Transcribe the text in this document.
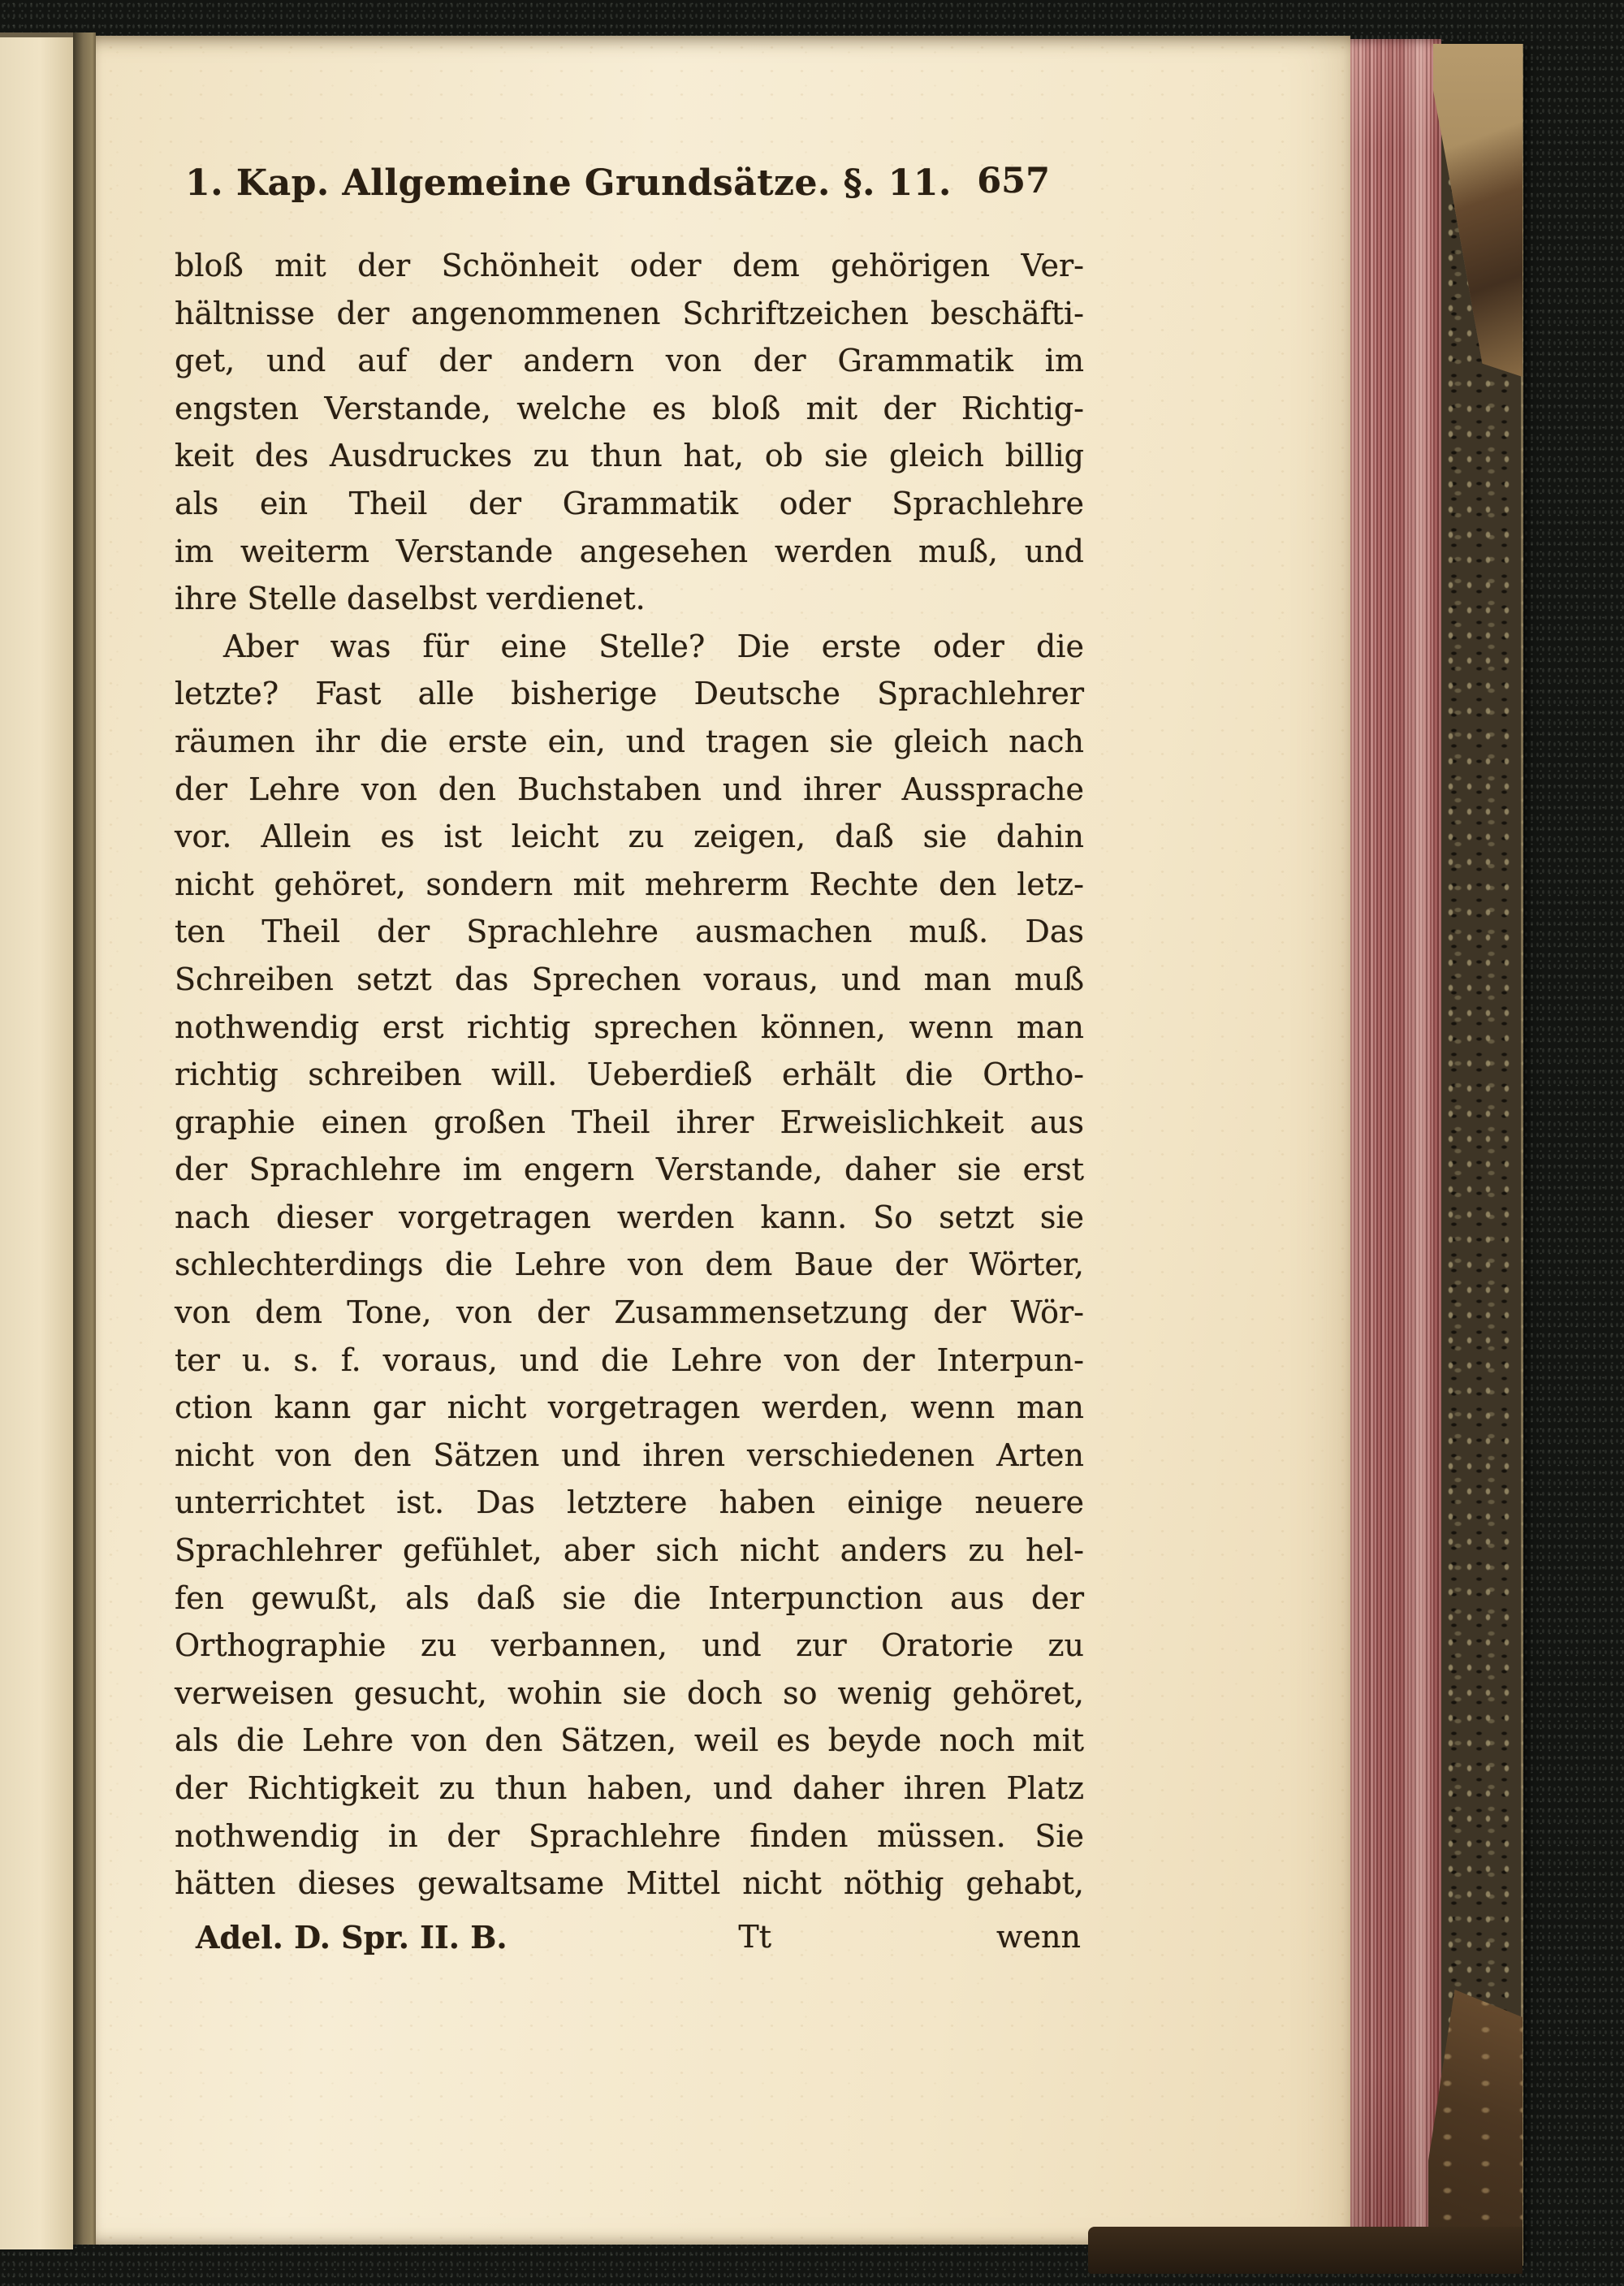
1. Kap. Allgemeine Grundsätze. §. 11. 657
bloß mit der Schönheit oder dem gehörigen Ver-
hältnisse der angenommenen Schriftzeichen beschäfti-
get, und auf der andern von der Grammatik im
engsten Verstande, welche es bloß mit der Richtig-
keit des Ausdruckes zu thun hat, ob sie gleich billig
als ein Theil der Grammatik oder Sprachlehre
im weiterm Verstande angesehen werden muß, und
ihre Stelle daselbst verdienet.
Aber was für eine Stelle? Die erste oder die
letzte? Fast alle bisherige Deutsche Sprachlehrer
räumen ihr die erste ein, und tragen sie gleich nach
der Lehre von den Buchstaben und ihrer Aussprache
vor. Allein es ist leicht zu zeigen, daß sie dahin
nicht gehöret, sondern mit mehrerm Rechte den letz-
ten Theil der Sprachlehre ausmachen muß. Das
Schreiben setzt das Sprechen voraus, und man muß
nothwendig erst richtig sprechen können, wenn man
richtig schreiben will. Ueberdieß erhält die Ortho-
graphie einen großen Theil ihrer Erweislichkeit aus
der Sprachlehre im engern Verstande, daher sie erst
nach dieser vorgetragen werden kann. So setzt sie
schlechterdings die Lehre von dem Baue der Wörter,
von dem Tone, von der Zusammensetzung der Wör-
ter u. s. f. voraus, und die Lehre von der Interpun-
ction kann gar nicht vorgetragen werden, wenn man
nicht von den Sätzen und ihren verschiedenen Arten
unterrichtet ist. Das letztere haben einige neuere
Sprachlehrer gefühlet, aber sich nicht anders zu hel-
fen gewußt, als daß sie die Interpunction aus der
Orthographie zu verbannen, und zur Oratorie zu
verweisen gesucht, wohin sie doch so wenig gehöret,
als die Lehre von den Sätzen, weil es beyde noch mit
der Richtigkeit zu thun haben, und daher ihren Platz
nothwendig in der Sprachlehre finden müssen. Sie
hätten dieses gewaltsame Mittel nicht nöthig gehabt,
Adel. D. Spr. II. B.	Tt	wenn
